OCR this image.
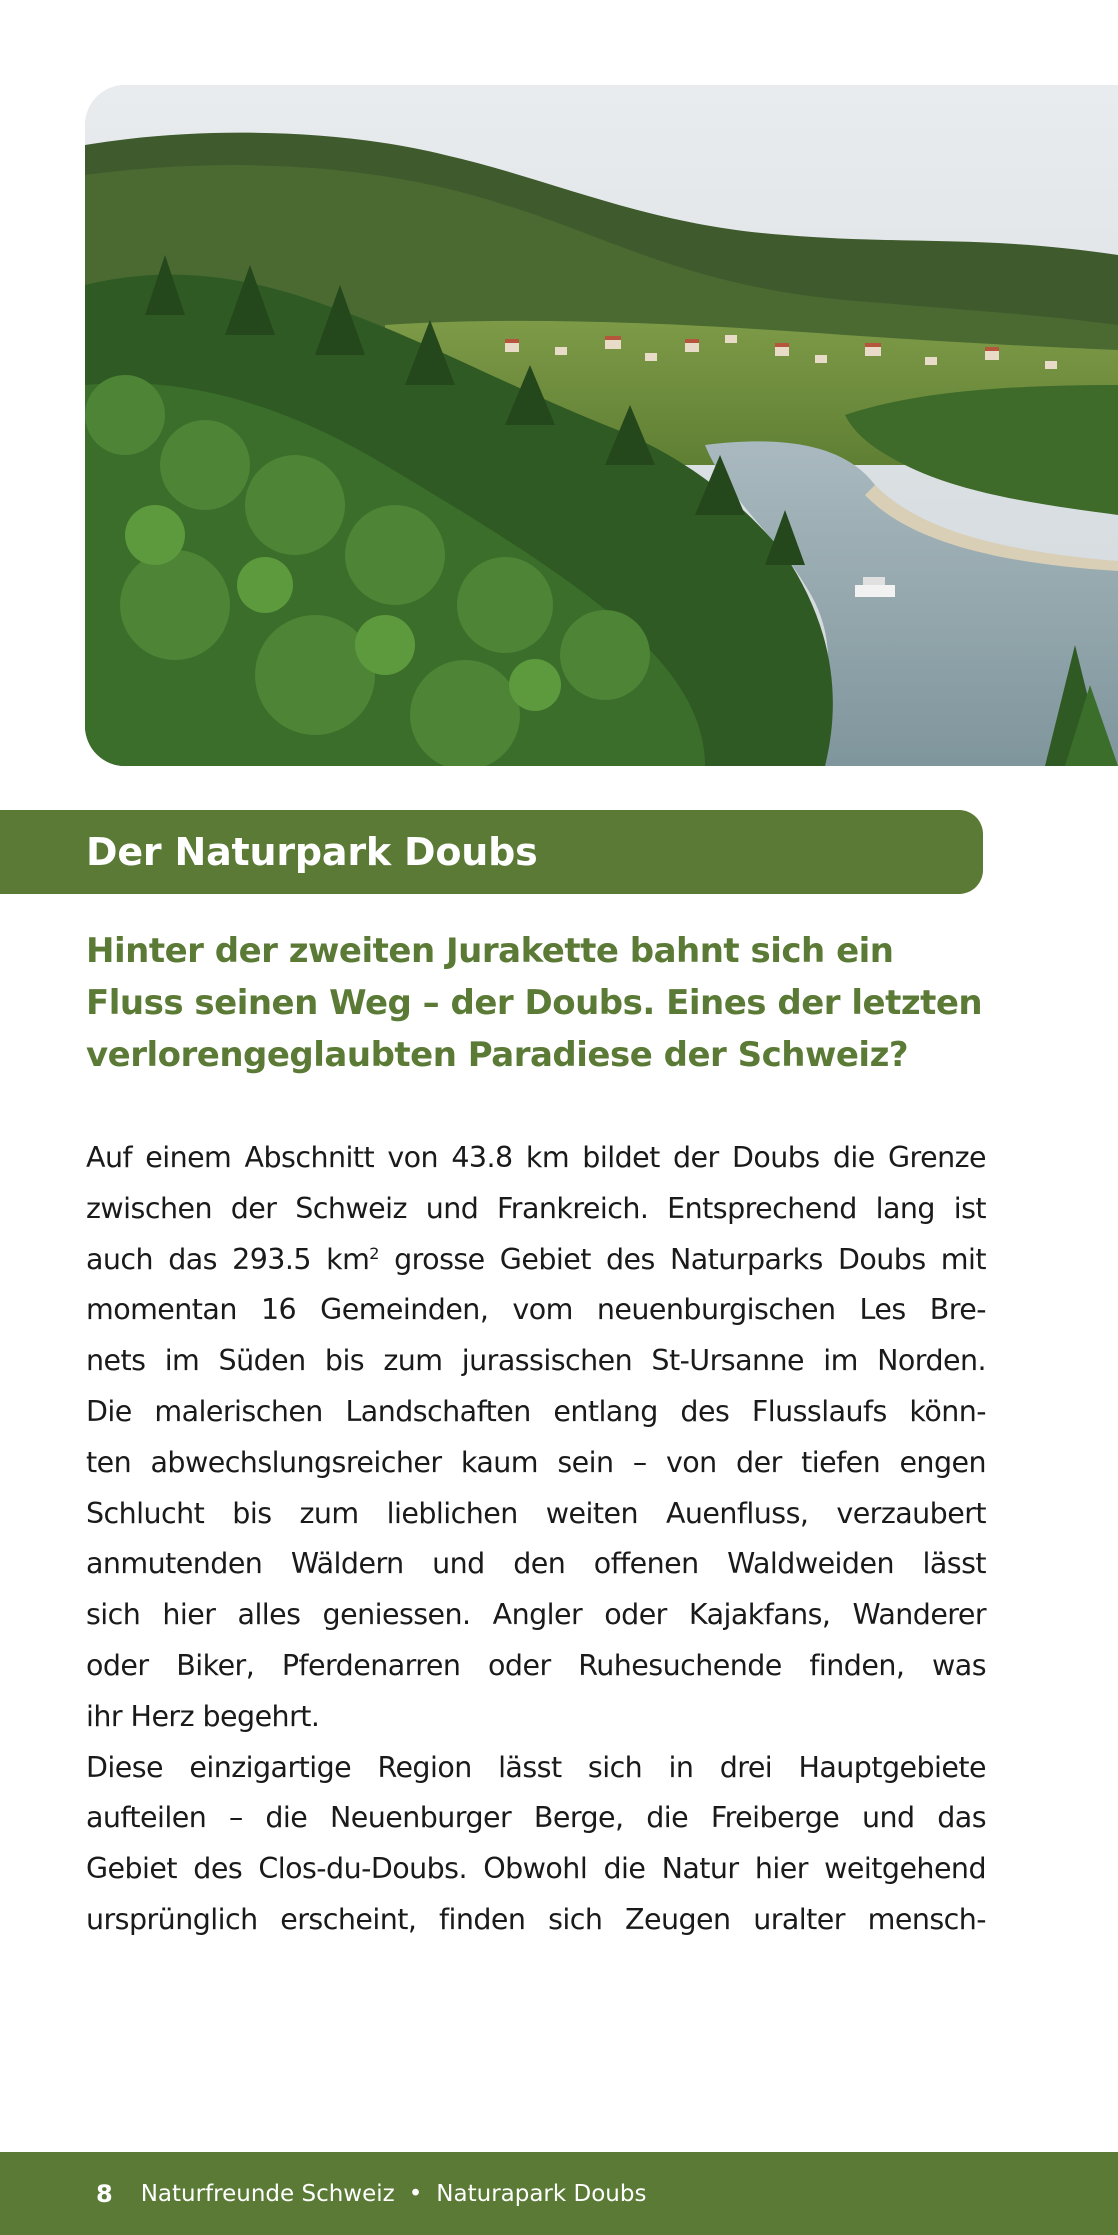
Der Naturpark Doubs

Hinter der zweiten Jurakette bahnt sich ein
Fluss seinen Weg – der Doubs. Eines der letzten
verlorengeglaubten Paradiese der Schweiz?

Auf einem Abschnitt von 43.8 km bildet der Doubs die Grenze
zwischen der Schweiz und Frankreich. Entsprechend lang ist
auch das 293.5 $km^2$ grosse Gebiet des Naturparks Doubs mit
momentan 16 Gemeinden, vom neuenburgischen Les Bre-
nets im Süden bis zum jurassischen St-Ursanne im Norden.
Die malerischen Landschaften entlang des Flusslaufs könn-
ten abwechslungsreicher kaum sein – von der tiefen engen
Schlucht bis zum lieblichen weiten Auenfluss, verzaubert
anmutenden Wäldern und den offenen Waldweiden lässt
sich hier alles geniessen. Angler oder Kajakfans, Wanderer
oder Biker, Pferdenarren oder Ruhesuchende finden, was
ihr Herz begehrt.
Diese einzigartige Region lässt sich in drei Hauptgebiete
aufteilen – die Neuenburger Berge, die Freiberge und das
Gebiet des Clos-du-Doubs. Obwohl die Natur hier weitgehend
ursprünglich erscheint, finden sich Zeugen uralter mensch-

8 Naturfreunde Schweiz • Naturapark Doubs
